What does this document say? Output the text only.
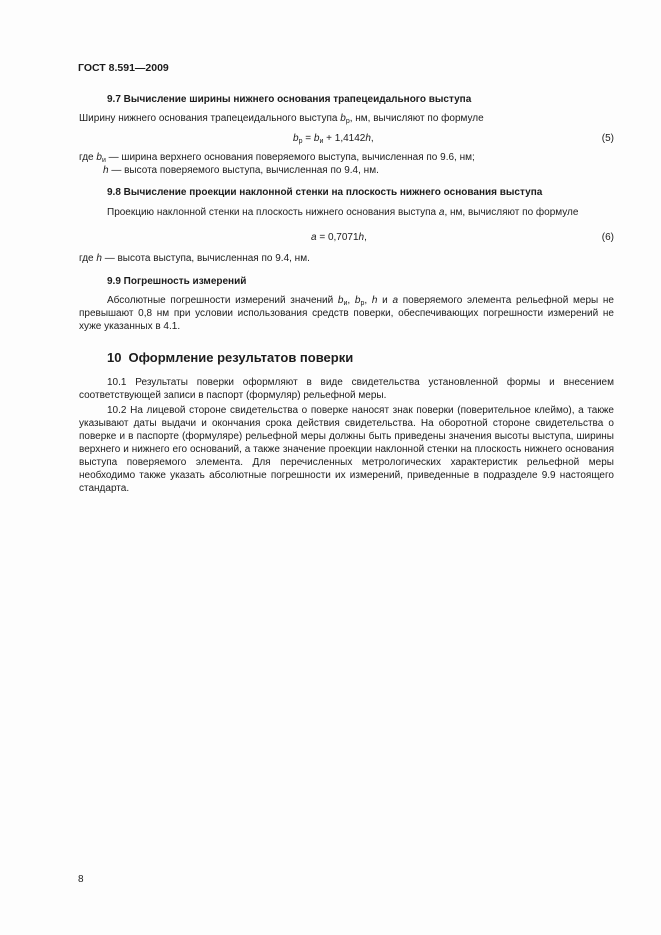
ГОСТ 8.591—2009
9.7 Вычисление ширины нижнего основания трапецеидального выступа
Ширину нижнего основания трапецеидального выступа $b_р$, нм, вычисляют по формуле
$b_р = b_и + 1,4142h$,	(5)
где $b_и$ — ширина верхнего основания поверяемого выступа, вычисленная по 9.6, нм;
h — высота поверяемого выступа, вычисленная по 9.4, нм.
9.8 Вычисление проекции наклонной стенки на плоскость нижнего основания выступа
Проекцию наклонной стенки на плоскость нижнего основания выступа a, нм, вычисляют по формуле
a = 0,7071h,	(6)
где h — высота выступа, вычисленная по 9.4, нм.
9.9 Погрешность измерений
Абсолютные погрешности измерений значений $b_и$, $b_р$, h и a поверяемого элемента рельефной меры не превышают 0,8 нм при условии использования средств поверки, обеспечивающих погрешности измерений не хуже указанных в 4.1.
10 Оформление результатов поверки
10.1 Результаты поверки оформляют в виде свидетельства установленной формы и внесением соответствующей записи в паспорт (формуляр) рельефной меры.
10.2 На лицевой стороне свидетельства о поверке наносят знак поверки (поверительное клеймо), а также указывают даты выдачи и окончания срока действия свидетельства. На оборотной стороне свидетельства о поверке и в паспорте (формуляре) рельефной меры должны быть приведены значения высоты выступа, ширины верхнего и нижнего его оснований, а также значение проекции наклонной стенки на плоскость нижнего основания выступа поверяемого элемента. Для перечисленных метрологических характеристик рельефной меры необходимо также указать абсолютные погрешности их измерений, приведенные в подразделе 9.9 настоящего стандарта.
8
